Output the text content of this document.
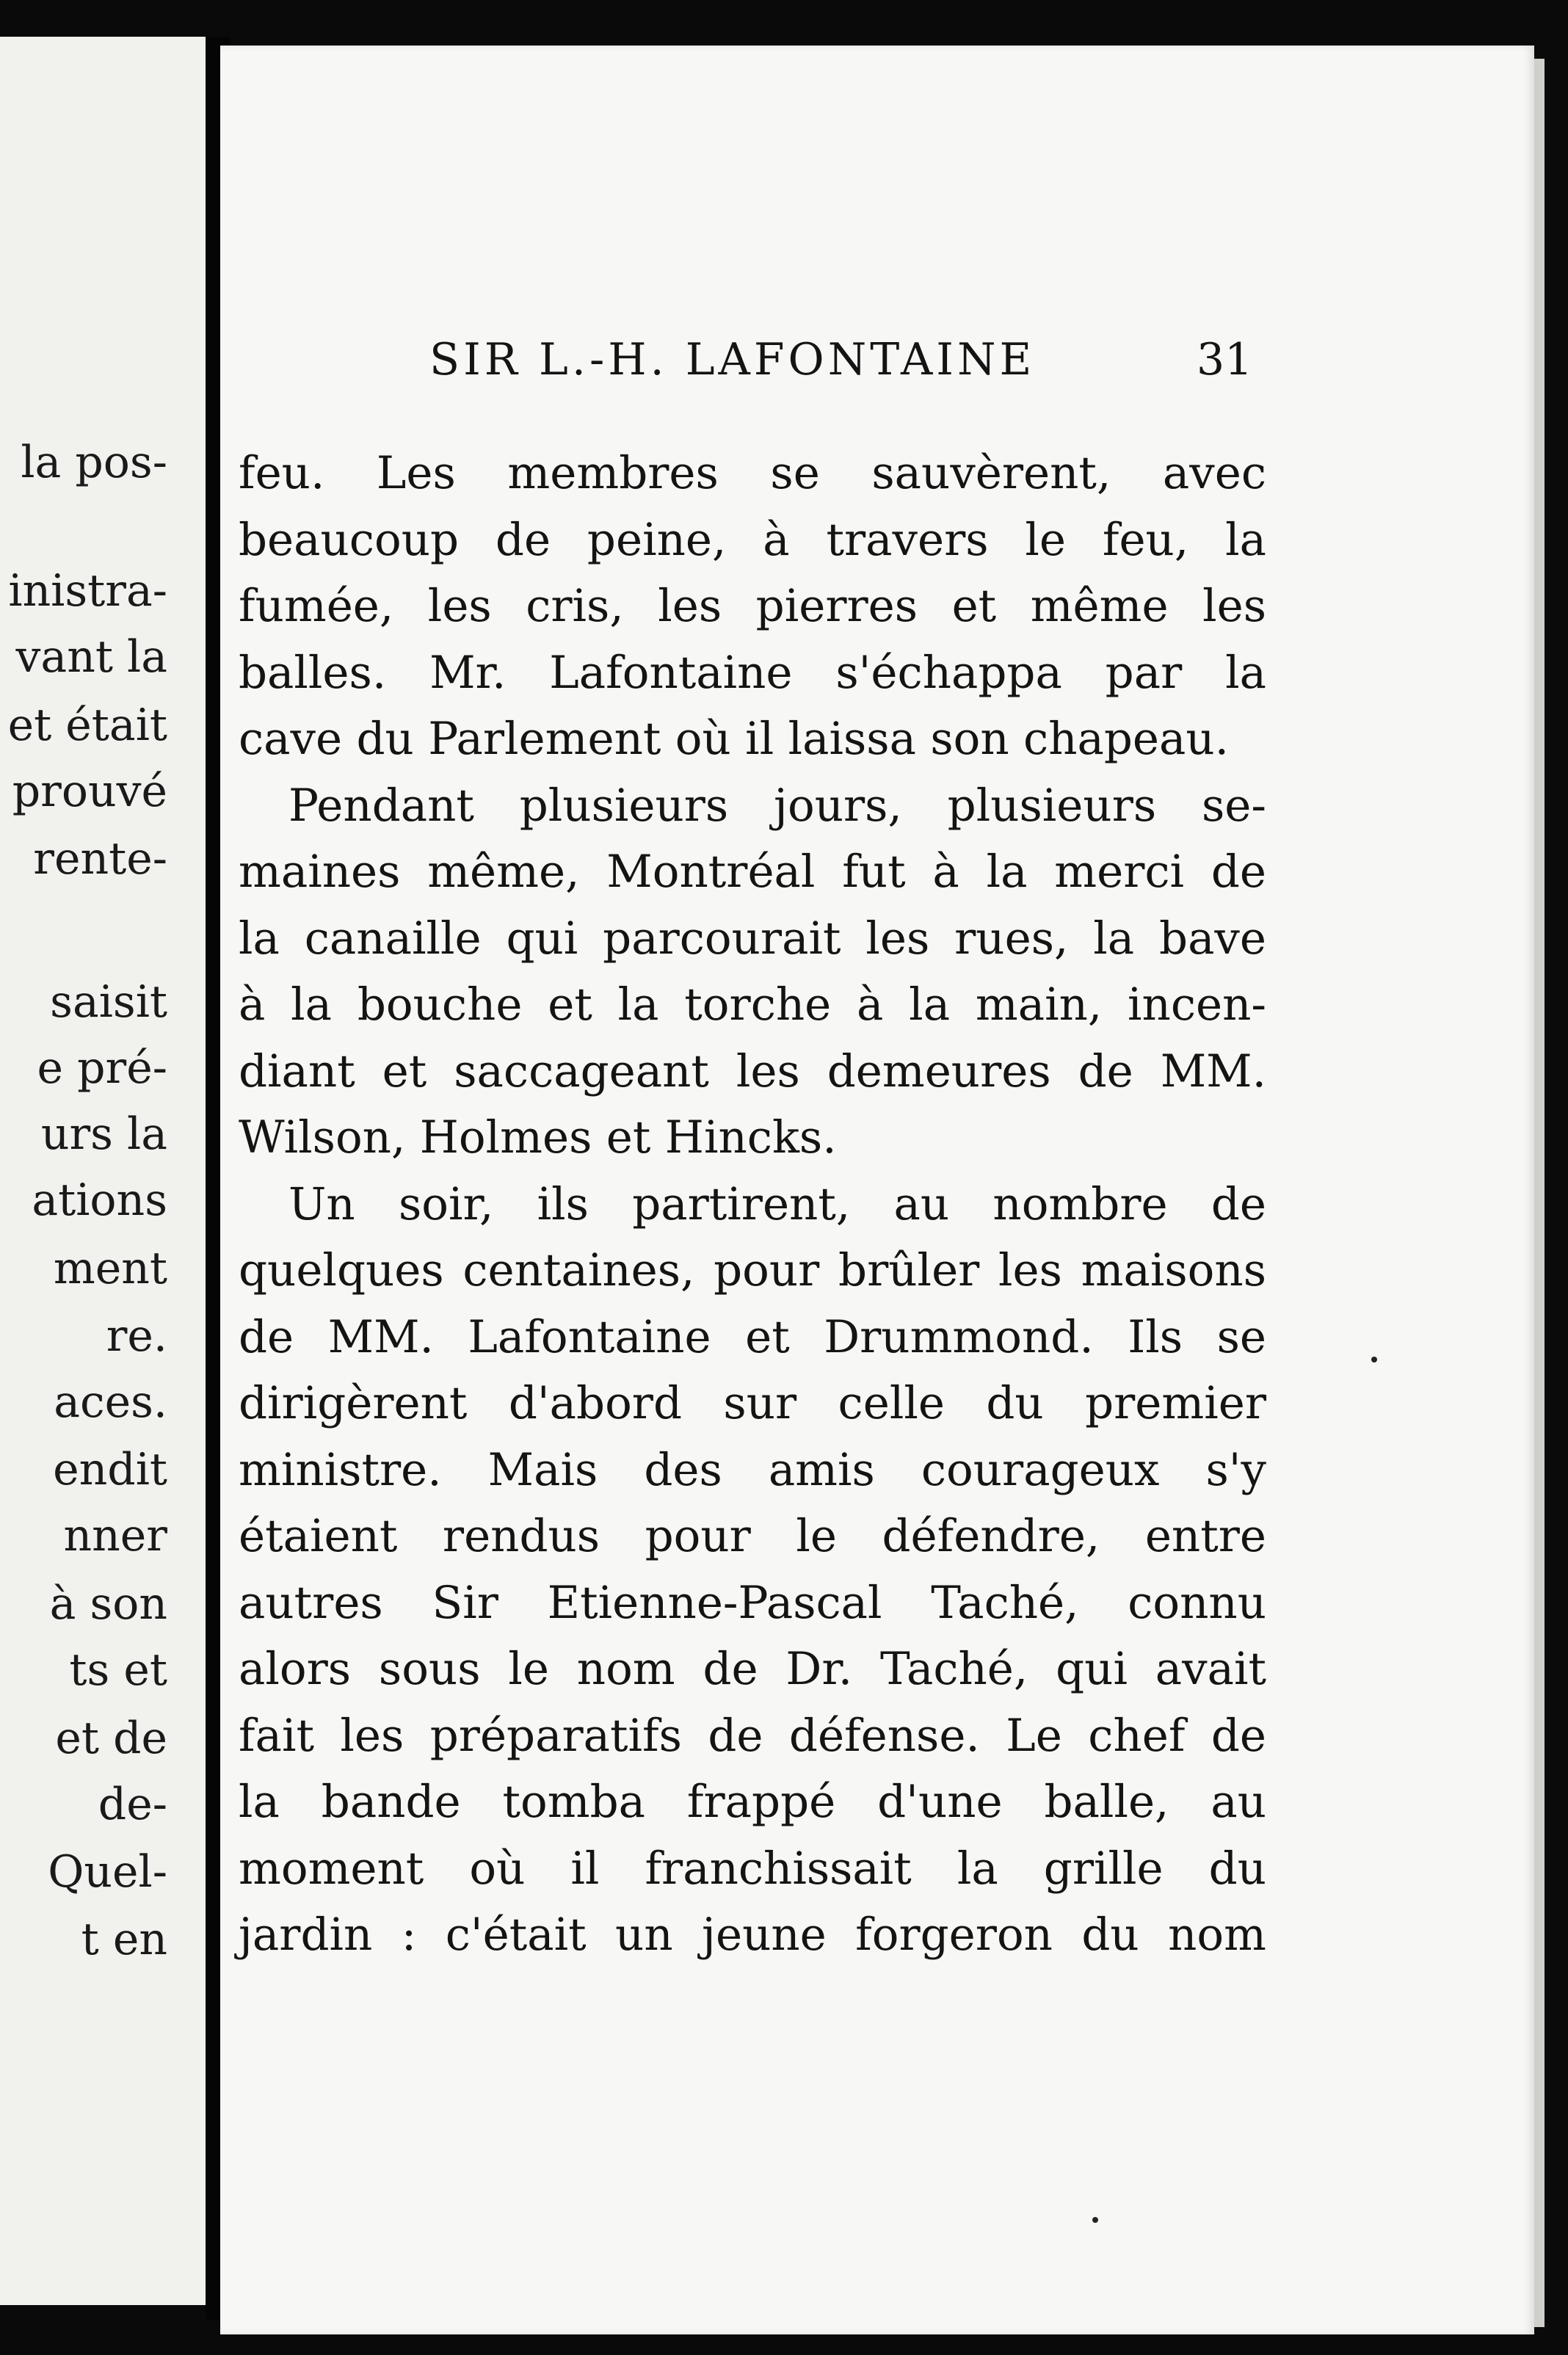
la pos-
inistra-
vant la
et était
prouvé
rente-
saisit
e pré-
urs la
ations
ment
re.
aces.
endit
nner
à son
ts et
et de
de-
Quel-
t en
SIR L.-H. LAFONTAINE	31
feu. Les membres se sauvèrent, avec
beaucoup de peine, à travers le feu, la
fumée, les cris, les pierres et même les
balles. Mr. Lafontaine s'échappa par la
cave du Parlement où il laissa son chapeau.
Pendant plusieurs jours, plusieurs se-
maines même, Montréal fut à la merci de
la canaille qui parcourait les rues, la bave
à la bouche et la torche à la main, incen-
diant et saccageant les demeures de MM.
Wilson, Holmes et Hincks.
Un soir, ils partirent, au nombre de
quelques centaines, pour brûler les maisons
de MM. Lafontaine et Drummond. Ils se
dirigèrent d'abord sur celle du premier
ministre. Mais des amis courageux s'y
étaient rendus pour le défendre, entre
autres Sir Etienne-Pascal Taché, connu
alors sous le nom de Dr. Taché, qui avait
fait les préparatifs de défense. Le chef de
la bande tomba frappé d'une balle, au
moment où il franchissait la grille du
jardin : c'était un jeune forgeron du nom
